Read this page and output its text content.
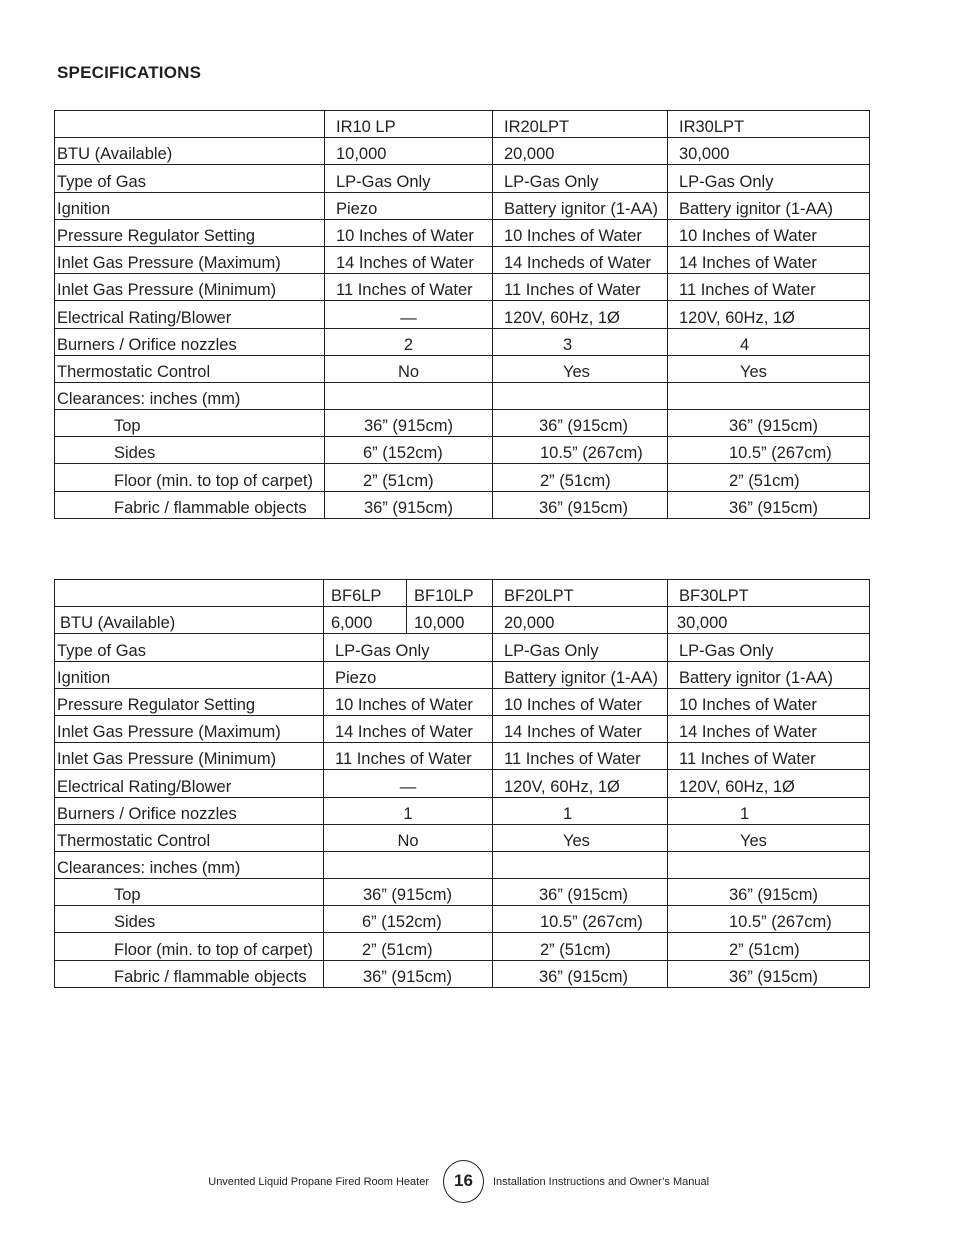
SPECIFICATIONS
	IR10 LP	IR20LPT	IR30LPT
BTU (Available)	10,000	20,000	30,000
Type of Gas	LP-Gas Only	LP-Gas Only	LP-Gas Only
Ignition	Piezo	Battery ignitor (1-AA)	Battery ignitor (1-AA)
Pressure Regulator Setting	10 Inches of Water	10 Inches of Water	10 Inches of Water
Inlet Gas Pressure (Maximum)	14 Inches of Water	14 Incheds of Water	14 Inches of Water
Inlet Gas Pressure (Minimum)	11 Inches of Water	11 Inches of Water	11 Inches of Water
Electrical Rating/Blower	—	120V, 60Hz, 1Ø	120V, 60Hz, 1Ø
Burners / Orifice nozzles	2	3	4
Thermostatic Control	No	Yes	Yes
Clearances: inches (mm)			
Top	36” (915cm)	36” (915cm)	36” (915cm)
Sides	6” (152cm)	10.5” (267cm)	10.5” (267cm)
Floor (min. to top of carpet)	2” (51cm)	2” (51cm)	2” (51cm)
Fabric / flammable objects	36” (915cm)	36” (915cm)	36” (915cm)
	BF6LP	BF10LP	BF20LPT	BF30LPT
BTU (Available)	6,000	10,000	20,000	30,000
Type of Gas	LP-Gas Only		LP-Gas Only	LP-Gas Only
Ignition	Piezo		Battery ignitor (1-AA)	Battery ignitor (1-AA)
Pressure Regulator Setting	10 Inches of Water		10 Inches of Water	10 Inches of Water
Inlet Gas Pressure (Maximum)	14 Inches of Water		14 Inches of Water	14 Inches of Water
Inlet Gas Pressure (Minimum)	11 Inches of Water		11 Inches of Water	11 Inches of Water
Electrical Rating/Blower	—		120V, 60Hz, 1Ø	120V, 60Hz, 1Ø
Burners / Orifice nozzles	1		1	1
Thermostatic Control	No		Yes	Yes
Clearances: inches (mm)				
Top	36” (915cm)		36” (915cm)	36” (915cm)
Sides	6” (152cm)		10.5” (267cm)	10.5” (267cm)
Floor (min. to top of carpet)	2” (51cm)		2” (51cm)	2” (51cm)
Fabric / flammable objects	36” (915cm)		36” (915cm)	36” (915cm)
Unvented Liquid Propane Fired Room Heater	16	Installation Instructions and Owner’s Manual
